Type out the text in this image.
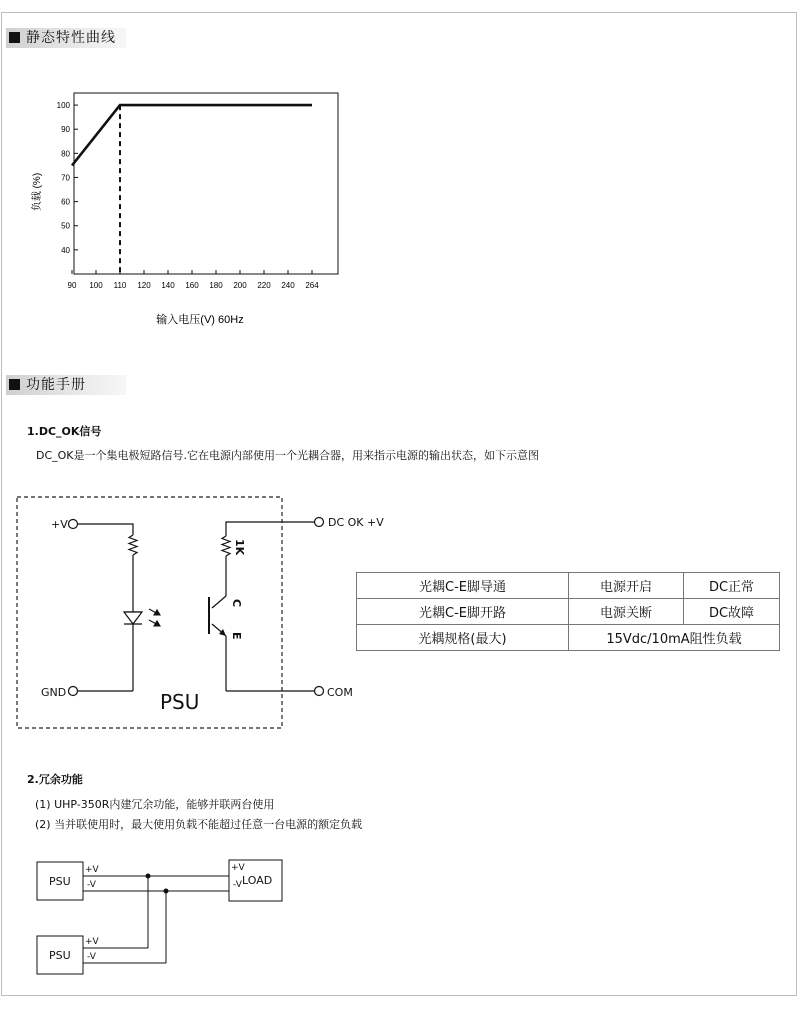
静态特性曲线
40
50
60
70
80
90
100
90 100 110 120 140 160 180 200 220 240 264
负载 (%)
输入电压(V) 60Hz
功能手册
1.DC_OK信号
DC_OK是一个集电极短路信号.它在电源内部使用一个光耦合器，用来指示电源的输出状态，如下示意图
+V
GND
DC OK +V
COM
PSU
1K
C
E
光耦C-E脚导通	电源开启	DC正常
光耦C-E脚开路	电源关断	DC故障
光耦规格(最大)	15Vdc/10mA阻性负载	
2.冗余功能
(1) UHP-350R内建冗余功能，能够并联两台使用
(2) 当并联使用时，最大使用负载不能超过任意一台电源的额定负载
PSU
PSU
LOAD
+V
-V
+V
-V
+V
-V
